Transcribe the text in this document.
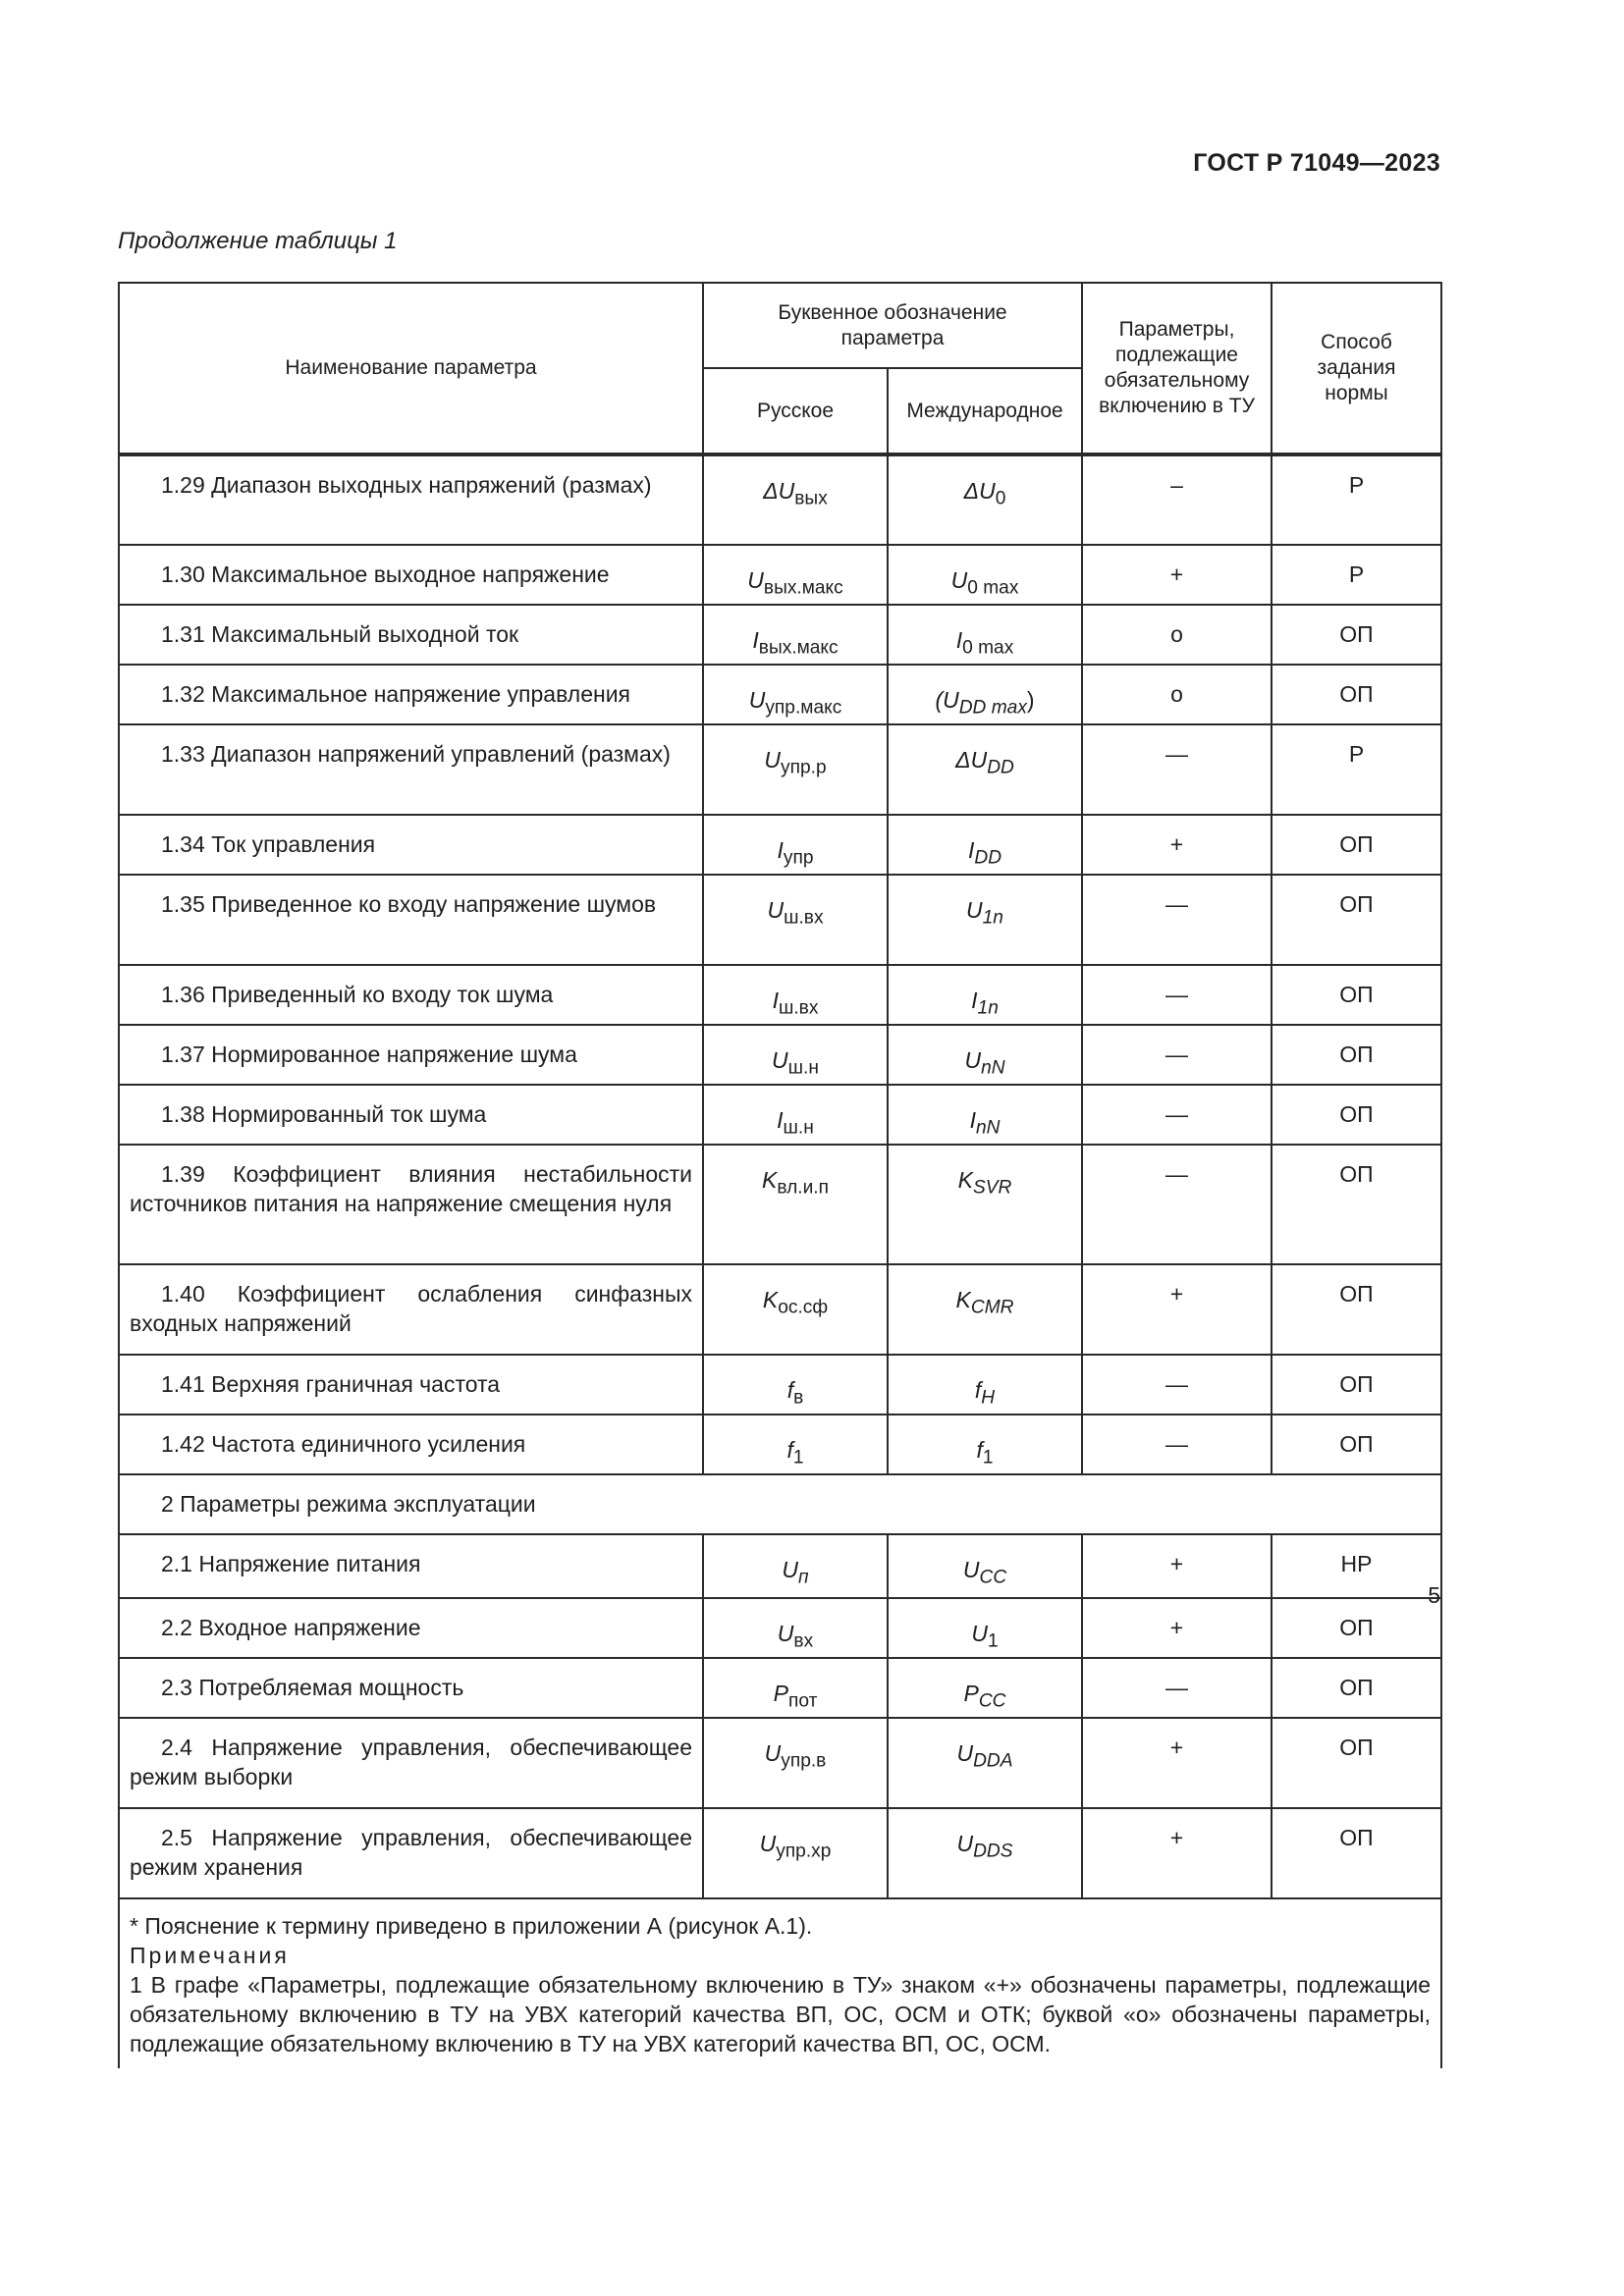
ГОСТ Р 71049—2023
Продолжение таблицы 1
Наименование параметра	Буквенное обозначение параметра		Параметры, подлежащие обязательному включению в ТУ	Способ задания нормы
	Русское	Международное		
1.29 Диапазон выходных напряжений (размах)	$\Delta U_{вых}$	$\Delta U_0$	–	Р
1.30 Максимальное выходное напряжение	$U_{вых.макс}$	$U_{0 max}$	+	Р
1.31 Максимальный выходной ток	$I_{вых.макс}$	$I_{0 max}$	о	ОП
1.32 Максимальное напряжение управления	$U_{упр.макс}$	$(U_{DD max})$	о	ОП
1.33 Диапазон напряжений управлений (размах)	$U_{упр.р}$	$\Delta U_{DD}$	—	Р
1.34 Ток управления	$I_{упр}$	$I_{DD}$	+	ОП
1.35 Приведенное ко входу напряжение шумов	$U_{ш.вх}$	$U_{1n}$	—	ОП
1.36 Приведенный ко входу ток шума	$I_{ш.вх}$	$I_{1n}$	—	ОП
1.37 Нормированное напряжение шума	$U_{ш.н}$	$U_{nN}$	—	ОП
1.38 Нормированный ток шума	$I_{ш.н}$	$I_{nN}$	—	ОП
1.39 Коэффициент влияния нестабильности источников питания на напряжение смещения нуля	$K_{вл.и.п}$	$K_{SVR}$	—	ОП
1.40 Коэффициент ослабления синфазных входных напряжений	$K_{ос.сф}$	$K_{CMR}$	+	ОП
1.41 Верхняя граничная частота	$f_в$	$f_H$	—	ОП
1.42 Частота единичного усиления	$f_1$	$f_1$	—	ОП
2 Параметры режима эксплуатации				
2.1 Напряжение питания	$U_п$	$U_{CC}$	+	НР
2.2 Входное напряжение	$U_{вх}$	$U_1$	+	ОП
2.3 Потребляемая мощность	$P_{пот}$	$P_{CC}$	—	ОП
2.4 Напряжение управления, обеспечивающее режим выборки	$U_{упр.в}$	$U_{DDA}$	+	ОП
2.5 Напряжение управления, обеспечивающее режим хранения	$U_{упр.хр}$	$U_{DDS}$	+	ОП

* Пояснение к термину приведено в приложении А (рисунок А.1).
Примечания
1 В графе «Параметры, подлежащие обязательному включению в ТУ» знаком «+» обозначены параметры, подлежащие обязательному включению в ТУ на УВХ категорий качества ВП, ОС, ОСМ и ОТК; буквой «о» обозначены параметры, подлежащие обязательному включению в ТУ на УВХ категорий качества ВП, ОС, ОСМ.				
5
